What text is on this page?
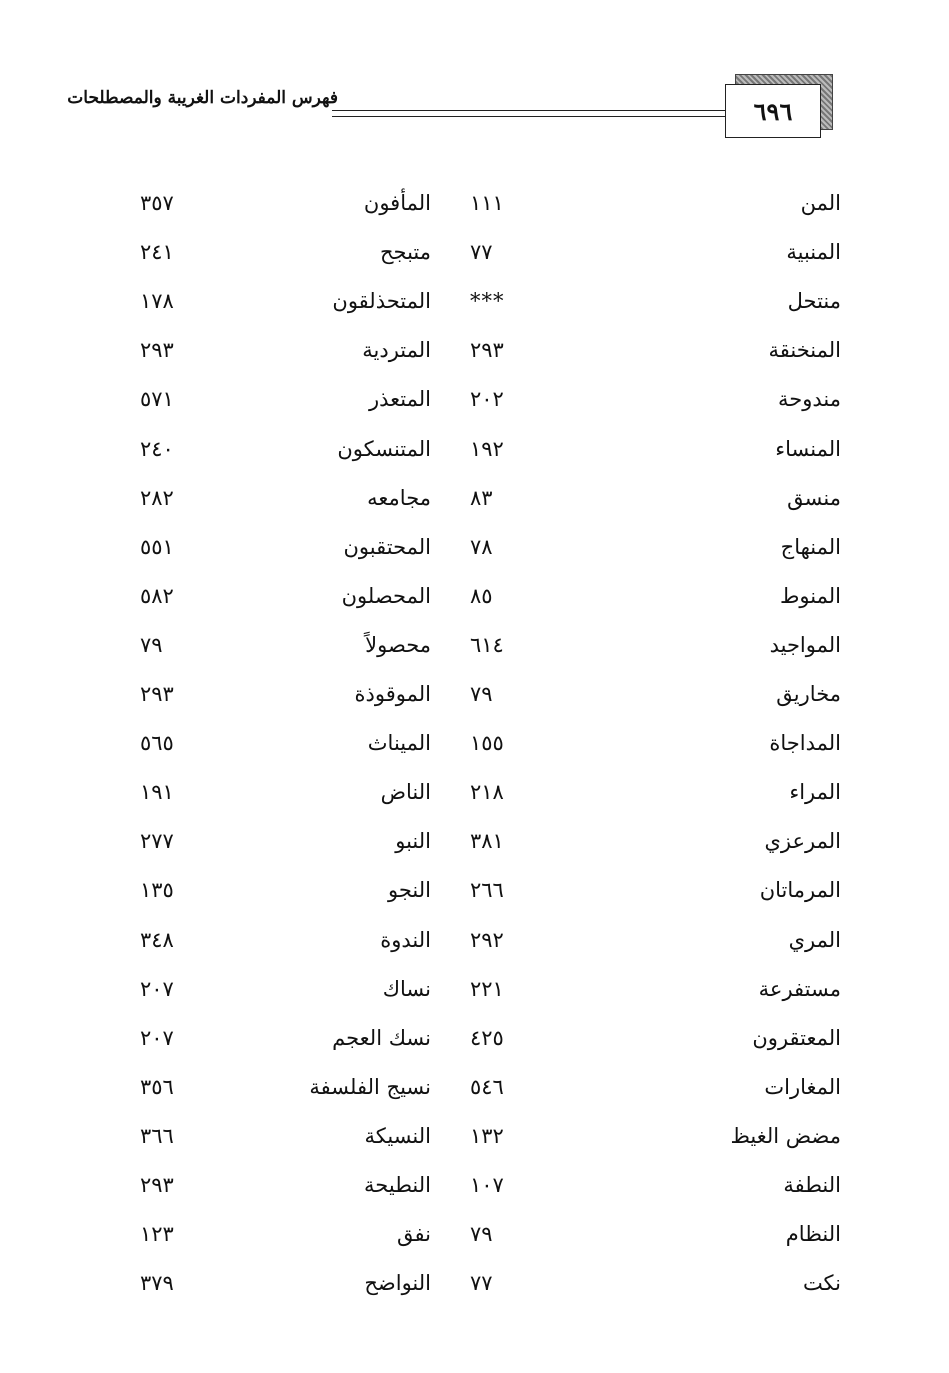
فهرس المفردات الغريبة والمصطلحات	٦٩٦
المن
١١١
المأفون
٣٥٧
المنبية
٧٧
متبجح
٢٤١
منتحل
***
المتحذلقون
١٧٨
المنخنقة
٢٩٣
المتردية
٢٩٣
مندوحة
٢٠٢
المتعذر
٥٧١
المنساء
١٩٢
المتنسكون
٢٤٠
منسق
٨٣
مجامعه
٢٨٢
المنهاج
٧٨
المحتقبون
٥٥١
المنوط
٨٥
المحصلون
٥٨٢
المواجيد
٦١٤
محصولاً
٧٩
مخاريق
٧٩
الموقوذة
٢٩٣
المداجاة
١٥٥
الميناث
٥٦٥
المراء
٢١٨
الناض
١٩١
المرعزي
٣٨١
النبو
٢٧٧
المرماتان
٢٦٦
النجو
١٣٥
المري
٢٩٢
الندوة
٣٤٨
مستفرعة
٢٢١
نساك
٢٠٧
المعتقرون
٤٢٥
نسك العجم
٢٠٧
المغارات
٥٤٦
نسيج الفلسفة
٣٥٦
مضض الغيظ
١٣٢
النسيكة
٣٦٦
النطفة
١٠٧
النطيحة
٢٩٣
النظام
٧٩
نفق
١٢٣
نكت
٧٧
النواضح
٣٧٩
